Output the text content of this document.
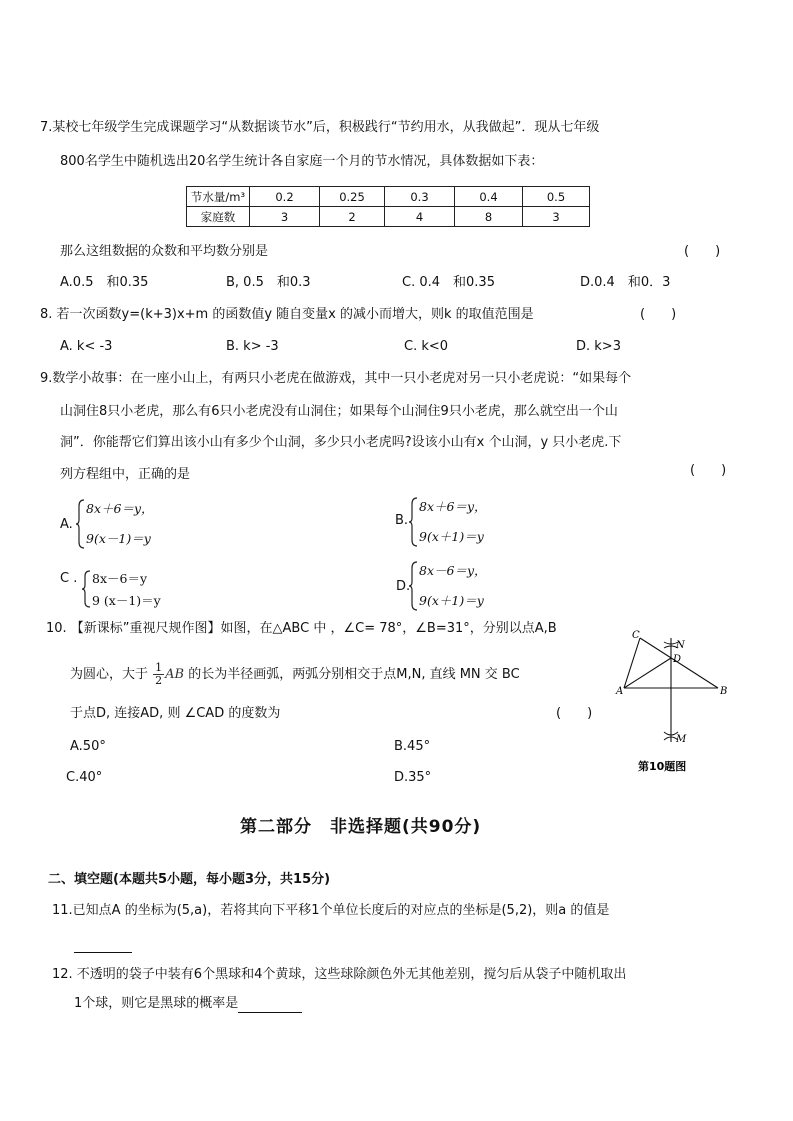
7.某校七年级学生完成课题学习“从数据谈节水”后，积极践行“节约用水，从我做起”．现从七年级
800名学生中随机选出20名学生统计各自家庭一个月的节水情况，具体数据如下表：
节水量/m³	0.2	0.25	0.3	0.4	0.5
家庭数	3	2	4	8	3
那么这组数据的众数和平均数分别是	(　　)
A.0.5　和0.35	B, 0.5　和0.3	C. 0.4　和0.35	D.0.4　和0．3
8. 若一次函数y=(k+3)x+m 的函数值y 随自变量x 的减小而增大，则k 的取值范围是	(　　)
A. k< -3	B. k> -3	C. k<0	D. k>3
9.数学小故事：在一座小山上，有两只小老虎在做游戏，其中一只小老虎对另一只小老虎说：“如果每个
山洞住8只小老虎，那么有6只小老虎没有山洞住；如果每个山洞住9只小老虎，那么就空出一个山
洞”．你能帮它们算出该小山有多少个山洞，多少只小老虎吗?设该小山有x 个山洞，y 只小老虎.下
列方程组中，正确的是	(　　)
A.
8x＋6＝y，
9(x－1)＝y
B.
8x＋6＝y，
9(x＋1)＝y
C . 8x－6＝y
9 (x－1)＝y
D.
8x－6＝y，
9(x＋1)＝y
10. 【新课标”重视尺规作图】如图，在△ABC 中 ，∠C= 78°，∠B=31°，分别以点A,B
为圆心，大于 $\frac{1}{2}$ AB 的长为半径画弧，两弧分别相交于点M,N, 直线 MN 交 BC
于点D, 连接AD, 则 ∠CAD 的度数为	(　　)
A.50°	B.45°
C.40°	D.35°
C
A	B
D
N
M
第10题图
第二部分　非选择题(共90分)
二、填空题(本题共5小题，每小题3分，共15分)
11.已知点A 的坐标为(5,a)，若将其向下平移1个单位长度后的对应点的坐标是(5,2)，则a 的值是
12. 不透明的袋子中装有6个黑球和4个黄球，这些球除颜色外无其他差别，搅匀后从袋子中随机取出
1个球，则它是黑球的概率是
